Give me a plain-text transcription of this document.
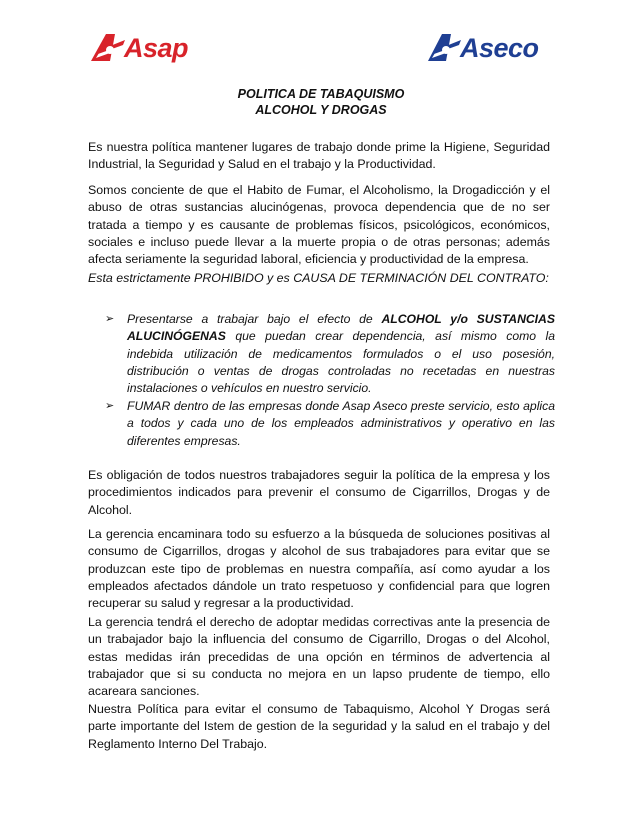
Asap	Aseco
POLITICA DE TABAQUISMO
ALCOHOL Y DROGAS

Es nuestra política mantener lugares de trabajo donde prime la Higiene, Seguridad Industrial, la Seguridad y Salud en el trabajo y la Productividad.

Somos conciente de que el Habito de Fumar, el Alcoholismo, la Drogadicción y el abuso de otras sustancias alucinógenas, provoca dependencia que de no ser tratada a tiempo y es causante de problemas físicos, psicológicos, económicos, sociales e incluso puede llevar a la muerte propia o de otras personas; además afecta seriamente la seguridad laboral, eficiencia y productividad de la empresa.

Esta estrictamente PROHIBIDO y es CAUSA DE TERMINACIÓN DEL CONTRATO:

➢ Presentarse a trabajar bajo el efecto de ALCOHOL y/o SUSTANCIAS ALUCINÓGENAS que puedan crear dependencia, así mismo como la indebida utilización de medicamentos formulados o el uso posesión, distribución o ventas de drogas controladas no recetadas en nuestras instalaciones o vehículos en nuestro servicio.

➢ FUMAR dentro de las empresas donde Asap Aseco preste servicio, esto aplica a todos y cada uno de los empleados administrativos y operativo en las diferentes empresas.

Es obligación de todos nuestros trabajadores seguir la política de la empresa y los procedimientos indicados para prevenir el consumo de Cigarrillos, Drogas y de Alcohol.

La gerencia encaminara todo su esfuerzo a la búsqueda de soluciones positivas al consumo de Cigarrillos, drogas y alcohol de sus trabajadores para evitar que se produzcan este tipo de problemas en nuestra compañía, así como ayudar a los empleados afectados dándole un trato respetuoso y confidencial para que logren recuperar su salud y regresar a la productividad.

La gerencia tendrá el derecho de adoptar medidas correctivas ante la presencia de un trabajador bajo la influencia del consumo de Cigarrillo, Drogas o del Alcohol, estas medidas irán precedidas de una opción en términos de advertencia al trabajador que si su conducta no mejora en un lapso prudente de tiempo, ello acareara sanciones.

Nuestra Política para evitar el consumo de Tabaquismo, Alcohol Y Drogas será parte importante del Istem de gestion de la seguridad y la salud en el trabajo y del Reglamento Interno Del Trabajo.
